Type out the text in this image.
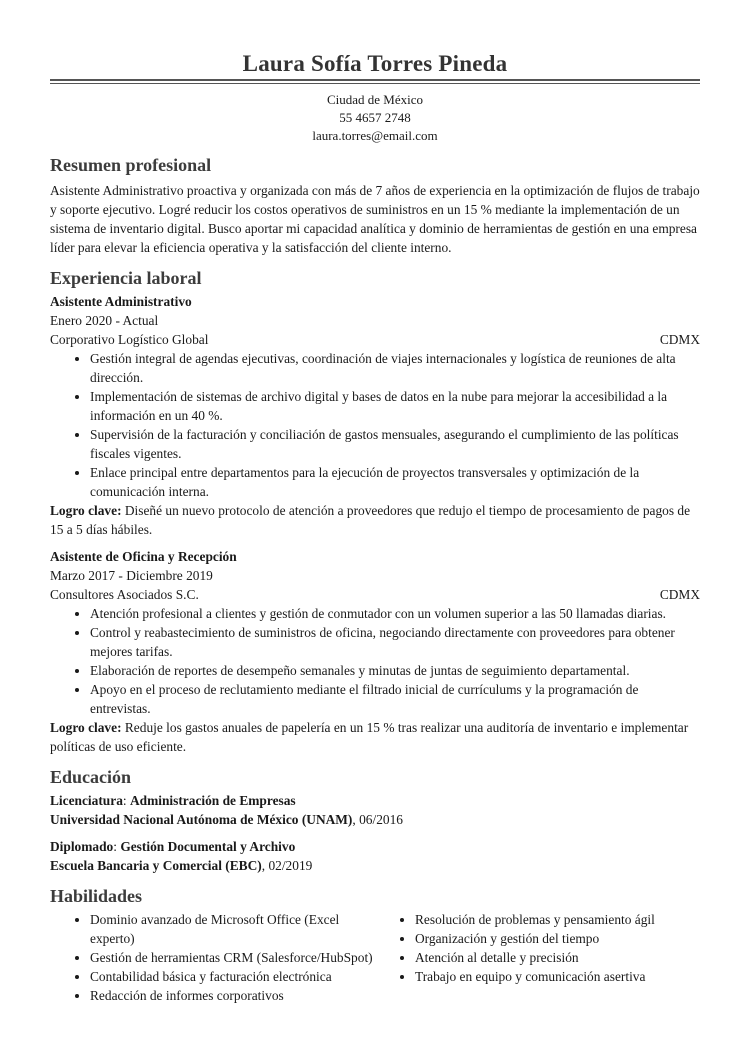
Laura Sofía Torres Pineda
Ciudad de México
55 4657 2748
laura.torres@email.com
Resumen profesional

Asistente Administrativo proactiva y organizada con más de 7 años de experiencia en la optimización de flujos de trabajo y soporte ejecutivo. Logré reducir los costos operativos de suministros en un 15 % mediante la implementación de un sistema de inventario digital. Busco aportar mi capacidad analítica y dominio de herramientas de gestión en una empresa líder para elevar la eficiencia operativa y la satisfacción del cliente interno.

Experiencia laboral
Asistente Administrativo
Enero 2020 - Actual
Corporativo Logístico Global	CDMX
• Gestión integral de agendas ejecutivas, coordinación de viajes internacionales y logística de reuniones de alta dirección.
• Implementación de sistemas de archivo digital y bases de datos en la nube para mejorar la accesibilidad a la información en un 40 %.
• Supervisión de la facturación y conciliación de gastos mensuales, asegurando el cumplimiento de las políticas fiscales vigentes.
• Enlace principal entre departamentos para la ejecución de proyectos transversales y optimización de la comunicación interna.

Logro clave: Diseñé un nuevo protocolo de atención a proveedores que redujo el tiempo de procesamiento de pagos de 15 a 5 días hábiles.

Asistente de Oficina y Recepción
Marzo 2017 - Diciembre 2019
Consultores Asociados S.C.	CDMX
• Atención profesional a clientes y gestión de conmutador con un volumen superior a las 50 llamadas diarias.
• Control y reabastecimiento de suministros de oficina, negociando directamente con proveedores para obtener mejores tarifas.
• Elaboración de reportes de desempeño semanales y minutas de juntas de seguimiento departamental.
• Apoyo en el proceso de reclutamiento mediante el filtrado inicial de currículums y la programación de entrevistas.

Logro clave: Reduje los gastos anuales de papelería en un 15 % tras realizar una auditoría de inventario e implementar políticas de uso eficiente.

Educación
Licenciatura: Administración de Empresas
Universidad Nacional Autónoma de México (UNAM), 06/2016
Diplomado: Gestión Documental y Archivo
Escuela Bancaria y Comercial (EBC), 02/2019
Habilidades
• Dominio avanzado de Microsoft Office (Excel experto)
• Gestión de herramientas CRM (Salesforce/HubSpot)
• Contabilidad básica y facturación electrónica
• Redacción de informes corporativos
• Resolución de problemas y pensamiento ágil
• Organización y gestión del tiempo
• Atención al detalle y precisión
• Trabajo en equipo y comunicación asertiva
